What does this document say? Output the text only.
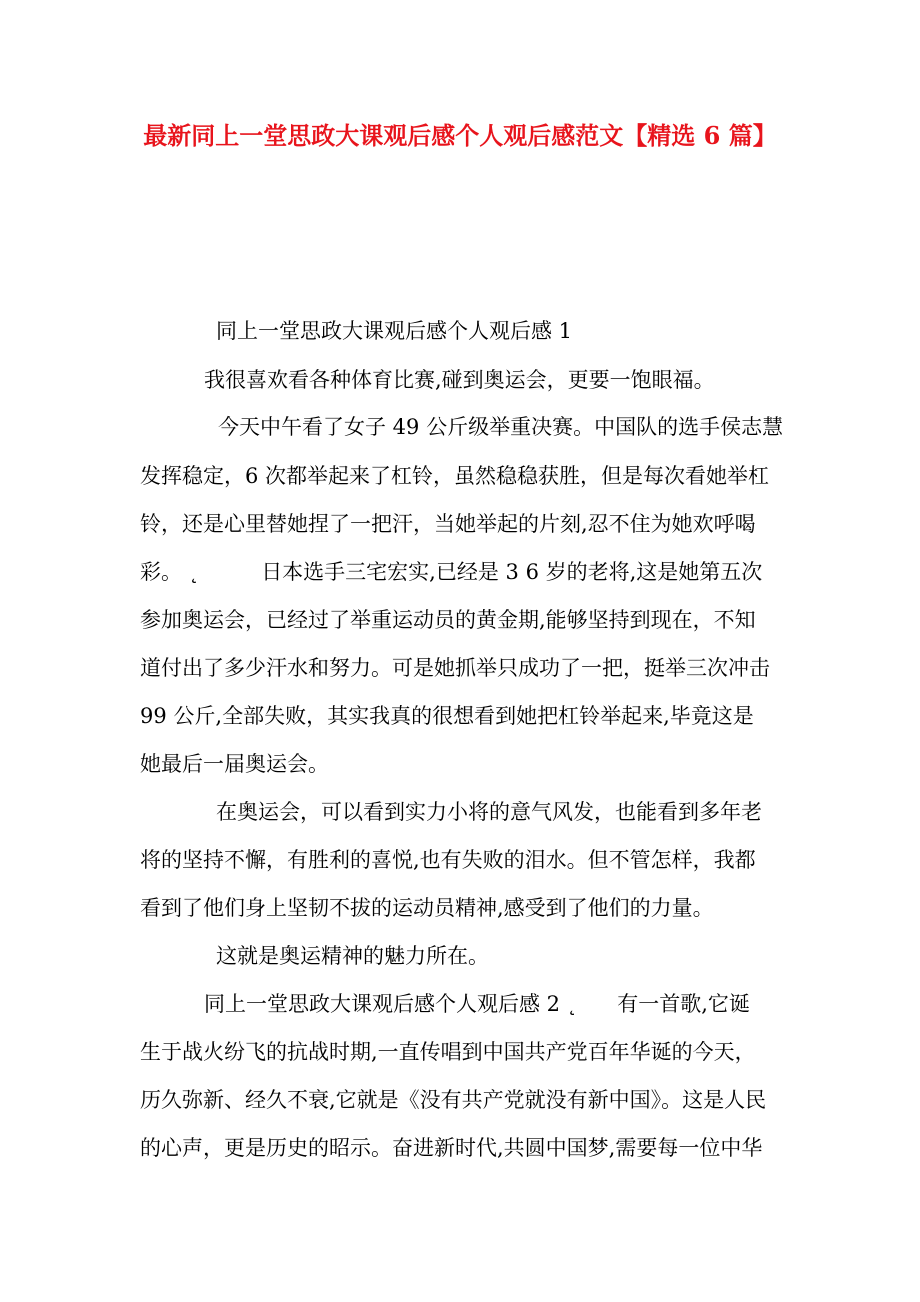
最新同上一堂思政大课观后感个人观后感范文【精选 6 篇】
同上一堂思政大课观后感个人观后感 1
我很喜欢看各种体育比赛,碰到奥运会，更要一饱眼福。
今天中午看了女子 49 公斤级举重决赛。中国队的选手侯志慧
发挥稳定，6 次都举起来了杠铃，虽然稳稳获胜，但是每次看她举杠
铃，还是心里替她捏了一把汗，当她举起的片刻,忍不住为她欢呼喝
彩。 ˛	日本选手三宅宏实,已经是 3 6 岁的老将,这是她第五次
参加奥运会，已经过了举重运动员的黄金期,能够坚持到现在，不知
道付出了多少汗水和努力。可是她抓举只成功了一把，挺举三次冲击
99 公斤,全部失败，其实我真的很想看到她把杠铃举起来,毕竟这是
她最后一届奥运会。
在奥运会，可以看到实力小将的意气风发，也能看到多年老
将的坚持不懈，有胜利的喜悦,也有失败的泪水。但不管怎样，我都
看到了他们身上坚韧不拔的运动员精神,感受到了他们的力量。
这就是奥运精神的魅力所在。
同上一堂思政大课观后感个人观后感 2 ˛ 有一首歌,它诞
生于战火纷飞的抗战时期,一直传唱到中国共产党百年华诞的今天，
历久弥新、经久不衰,它就是《没有共产党就没有新中国》。这是人民
的心声，更是历史的昭示。奋进新时代,共圆中国梦,需要每一位中华
